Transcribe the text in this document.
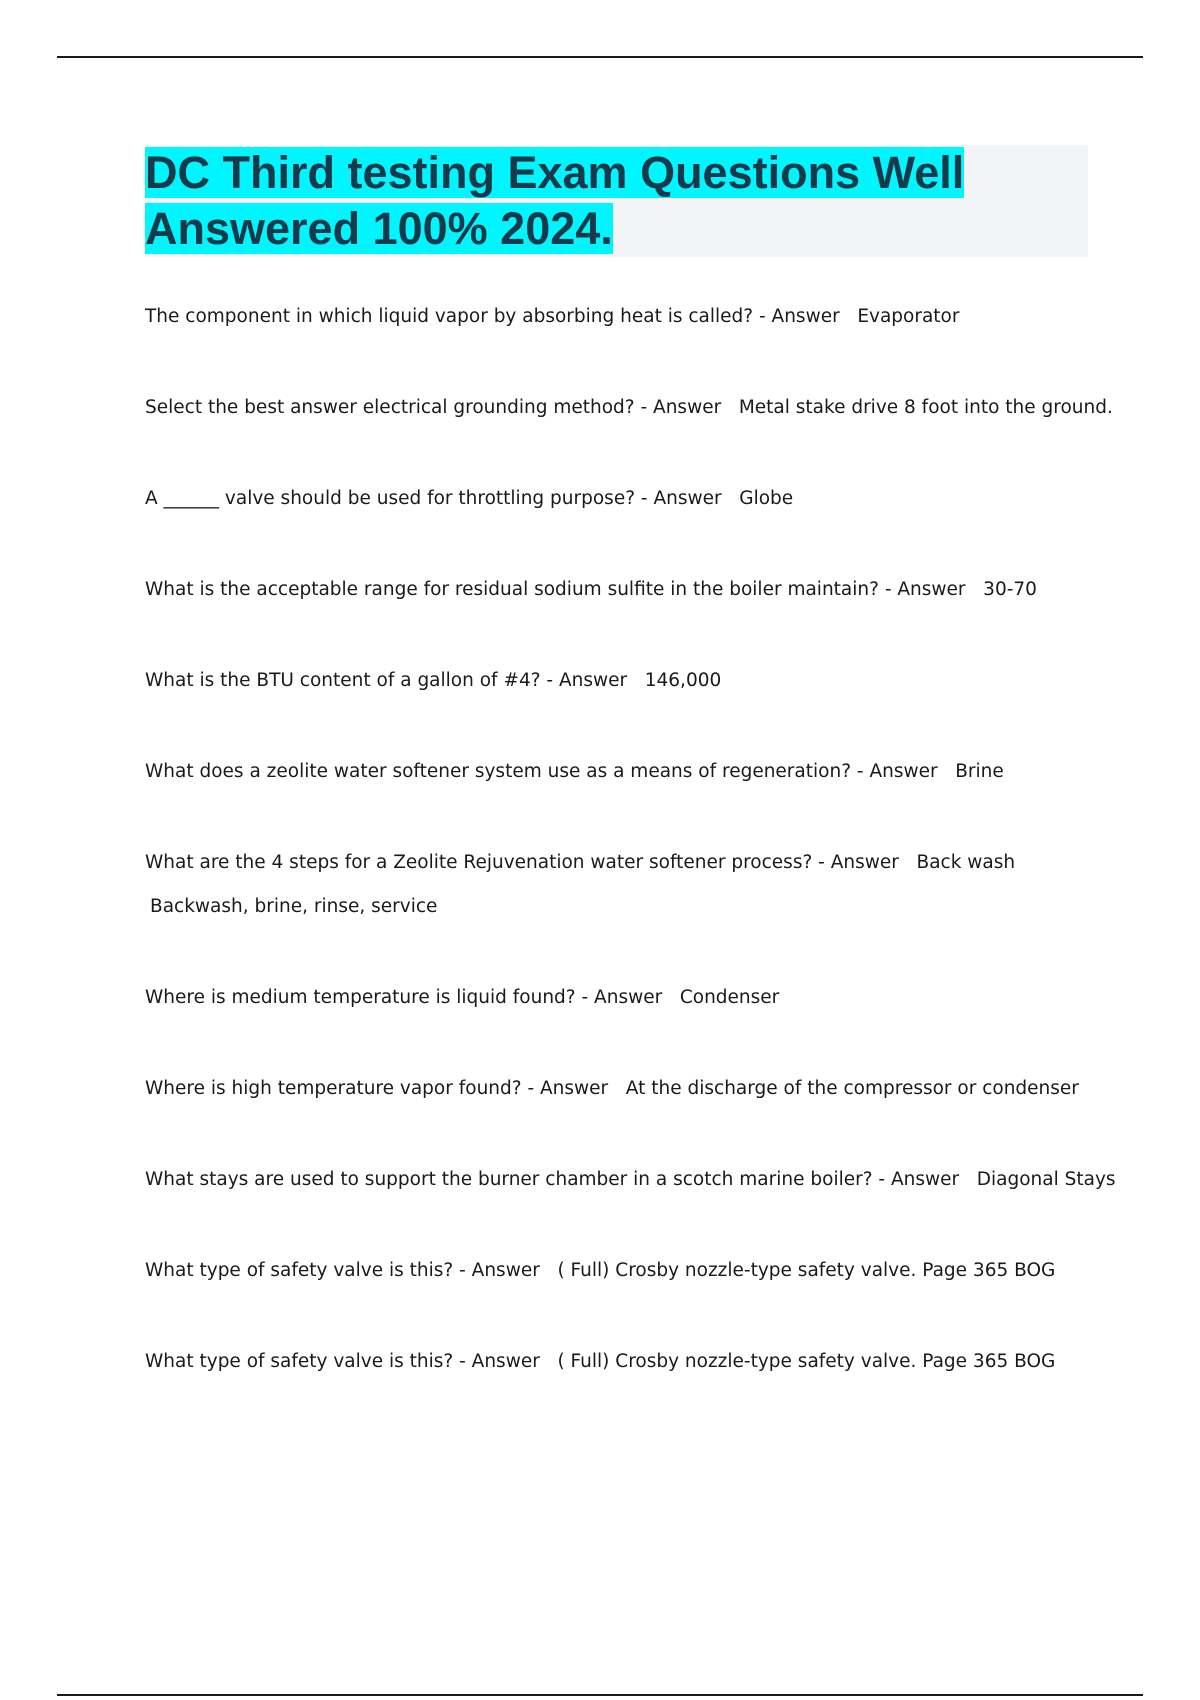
DC Third testing Exam Questions Well Answered 100% 2024.
The component in which liquid vapor by absorbing heat is called? - Answer   Evaporator
Select the best answer electrical grounding method? - Answer   Metal stake drive 8 foot into the ground.
A ______ valve should be used for throttling purpose? - Answer   Globe
What is the acceptable range for residual sodium sulfite in the boiler maintain? - Answer   30-70
What is the BTU content of a gallon of #4? - Answer   146,000
What does a zeolite water softener system use as a means of regeneration? - Answer   Brine
What are the 4 steps for a Zeolite Rejuvenation water softener process? - Answer   Back wash
Backwash, brine, rinse, service
Where is medium temperature is liquid found? - Answer   Condenser
Where is high temperature vapor found? - Answer   At the discharge of the compressor or condenser
What stays are used to support the burner chamber in a scotch marine boiler? - Answer   Diagonal Stays
What type of safety valve is this? - Answer   ( Full) Crosby nozzle-type safety valve. Page 365 BOG
What type of safety valve is this? - Answer   ( Full) Crosby nozzle-type safety valve. Page 365 BOG
